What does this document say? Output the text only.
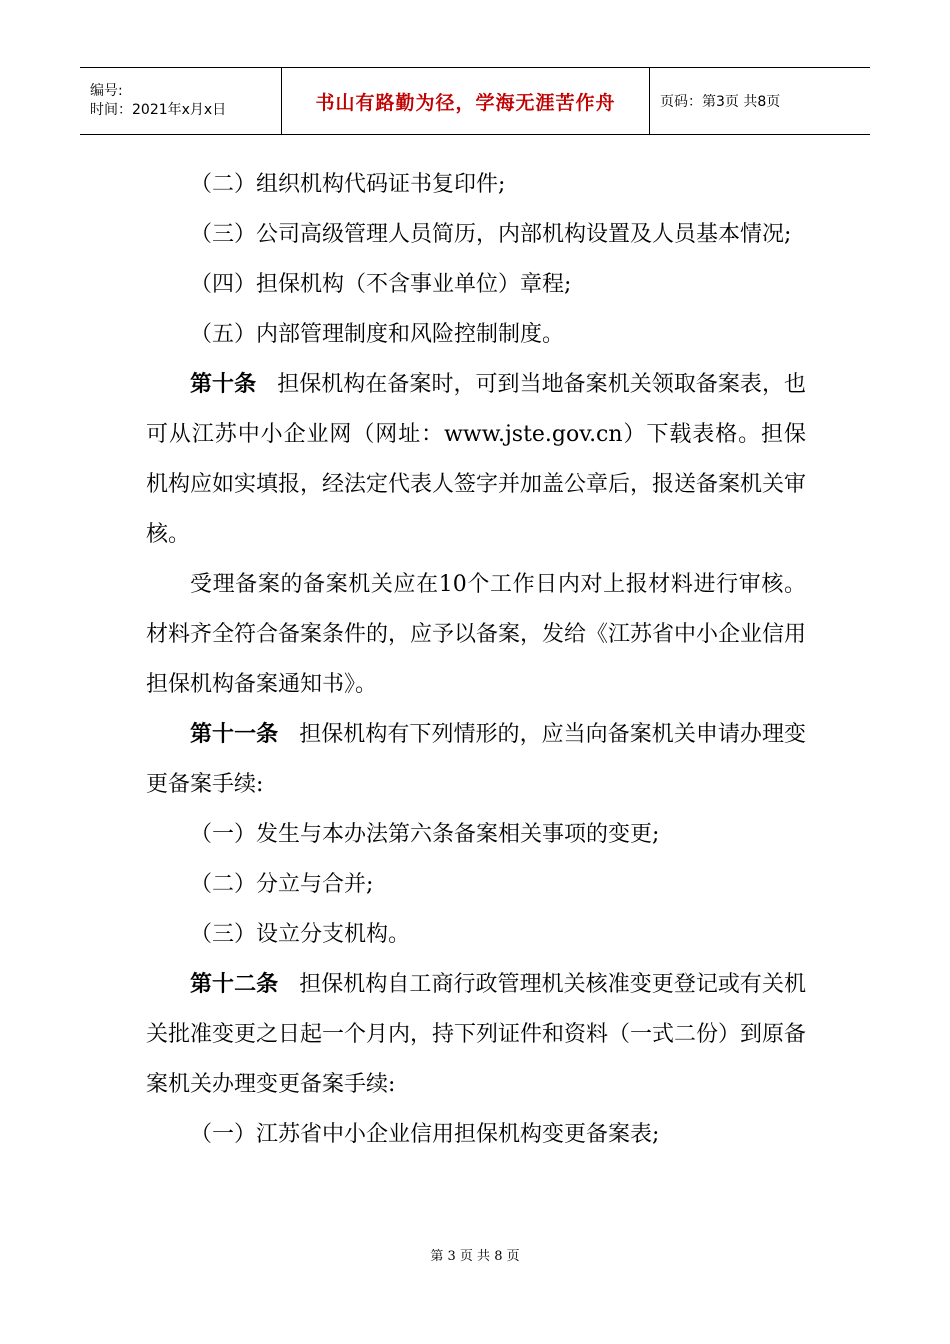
编号:
时间：2021年x月x日	书山有路勤为径，学海无涯苦作舟	页码：第3页 共8页

（二）组织机构代码证书复印件;

（三）公司高级管理人员简历，内部机构设置及人员基本情况;

（四）担保机构（不含事业单位）章程;

（五）内部管理制度和风险控制制度。

第十条 担保机构在备案时，可到当地备案机关领取备案表，也可从江苏中小企业网（网址：www.jste.gov.cn）下载表格。担保机构应如实填报，经法定代表人签字并加盖公章后，报送备案机关审核。

受理备案的备案机关应在10个工作日内对上报材料进行审核。材料齐全符合备案条件的，应予以备案，发给《江苏省中小企业信用担保机构备案通知书》。

第十一条 担保机构有下列情形的，应当向备案机关申请办理变更备案手续:

（一）发生与本办法第六条备案相关事项的变更;

（二）分立与合并;

（三）设立分支机构。

第十二条 担保机构自工商行政管理机关核准变更登记或有关机关批准变更之日起一个月内，持下列证件和资料（一式二份）到原备案机关办理变更备案手续:

（一）江苏省中小企业信用担保机构变更备案表;

第 3 页 共 8 页
